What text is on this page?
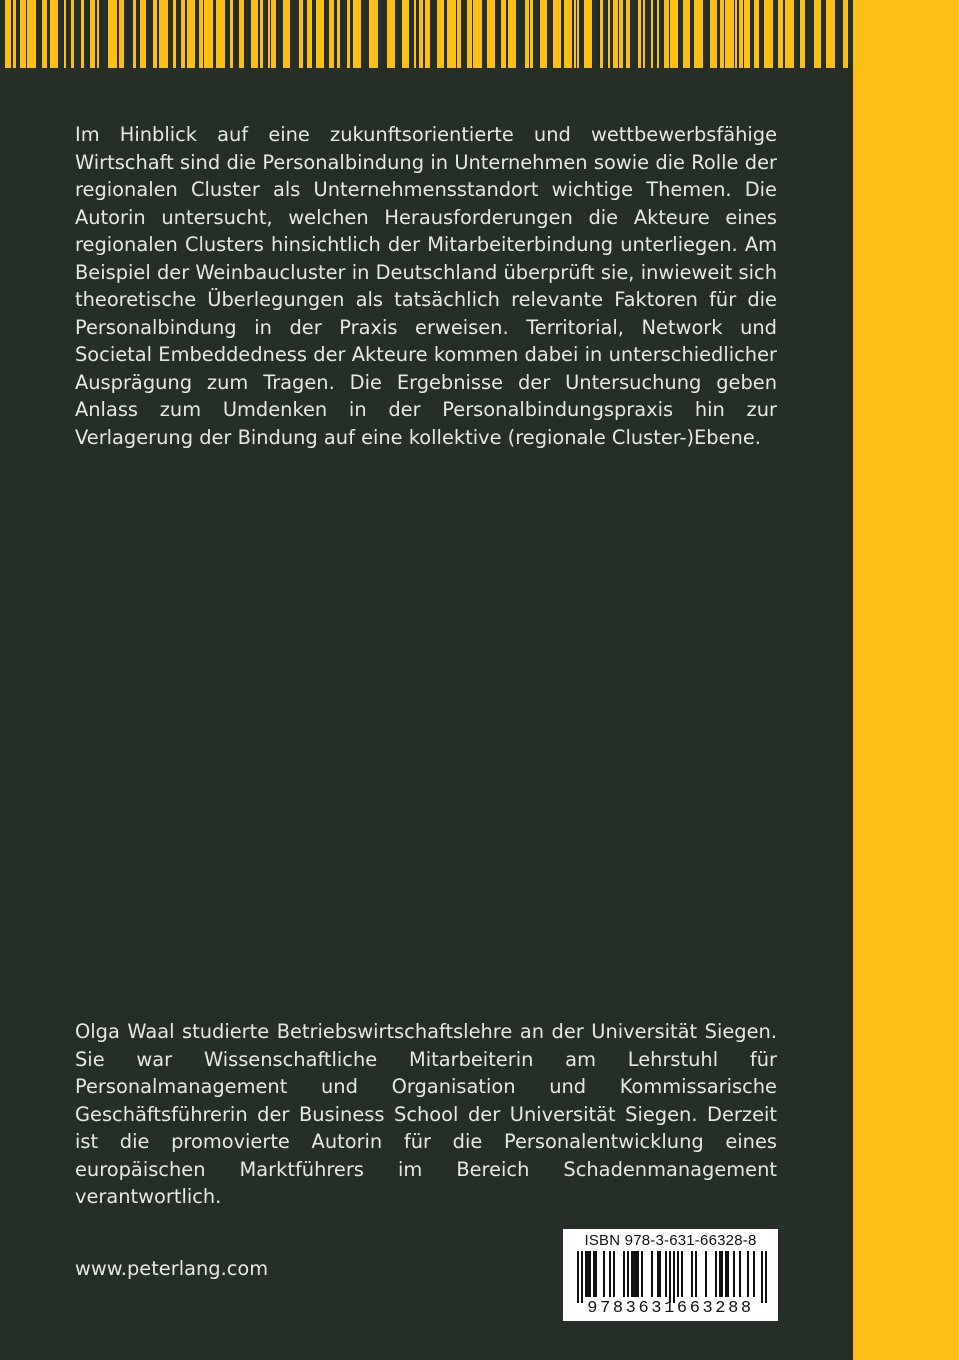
Im Hinblick auf eine zukunftsorientierte und wettbewerbsfähige Wirtschaft sind die Personalbindung in Unternehmen sowie die Rolle der regionalen Cluster als Unternehmensstandort wichtige Themen. Die Autorin untersucht, welchen Herausforderungen die Akteure eines regionalen Clusters hinsichtlich der Mitarbeiterbindung unterliegen. Am Beispiel der Weinbaucluster in Deutschland überprüft sie, inwieweit sich theoretische Überlegungen als tatsächlich relevante Faktoren für die Personalbindung in der Praxis erweisen. Territorial, Network und Societal Embeddedness der Akteure kommen dabei in unterschiedlicher Ausprägung zum Tragen. Die Ergebnisse der Untersuchung geben Anlass zum Umdenken in der Personalbindungspraxis hin zur Verlagerung der Bindung auf eine kollektive (regionale Cluster-)Ebene.
Olga Waal studierte Betriebswirtschaftslehre an der Universität Siegen. Sie war Wissenschaftliche Mitarbeiterin am Lehrstuhl für Personalmanagement und Organisation und Kommissarische Geschäftsführerin der Business School der Universität Siegen. Derzeit ist die promovierte Autorin für die Personalentwicklung eines europäischen Marktführers im Bereich Schadenmanagement verantwortlich.
www.peterlang.com
ISBN 978-3-631-66328-8
9783631663288
